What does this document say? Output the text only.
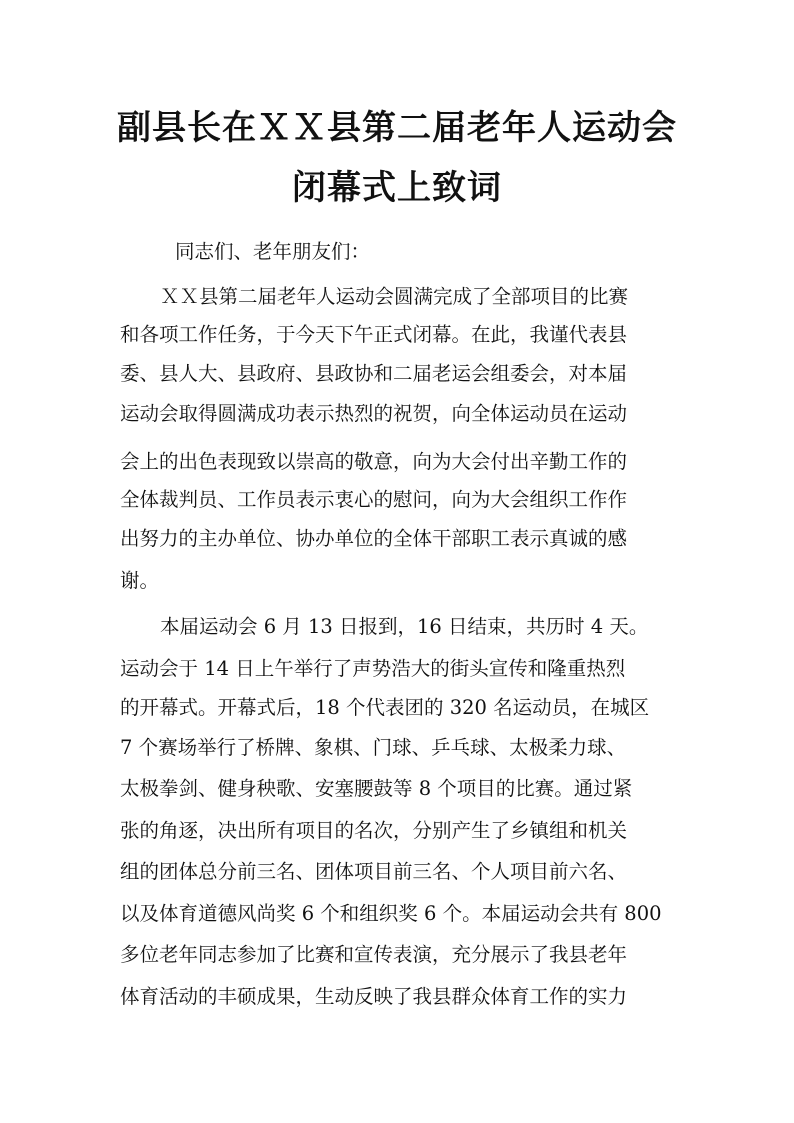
副县长在ＸＸ县第二届老年人运动会
闭幕式上致词
同志们、老年朋友们：
ＸＸ县第二届老年人运动会圆满完成了全部项目的比赛
和各项工作任务，于今天下午正式闭幕。在此，我谨代表县
委、县人大、县政府、县政协和二届老运会组委会，对本届
运动会取得圆满成功表示热烈的祝贺，向全体运动员在运动
会上的出色表现致以崇高的敬意，向为大会付出辛勤工作的
全体裁判员、工作员表示衷心的慰问，向为大会组织工作作
出努力的主办单位、协办单位的全体干部职工表示真诚的感
谢。
本届运动会 6 月 13 日报到，16 日结束，共历时 4 天。
运动会于 14 日上午举行了声势浩大的街头宣传和隆重热烈
的开幕式。开幕式后，18 个代表团的 320 名运动员，在城区
7 个赛场举行了桥牌、象棋、门球、乒乓球、太极柔力球、
太极拳剑、健身秧歌、安塞腰鼓等 8 个项目的比赛。通过紧
张的角逐，决出所有项目的名次，分别产生了乡镇组和机关
组的团体总分前三名、团体项目前三名、个人项目前六名、
以及体育道德风尚奖 6 个和组织奖 6 个。本届运动会共有 800
多位老年同志参加了比赛和宣传表演，充分展示了我县老年
体育活动的丰硕成果，生动反映了我县群众体育工作的实力
